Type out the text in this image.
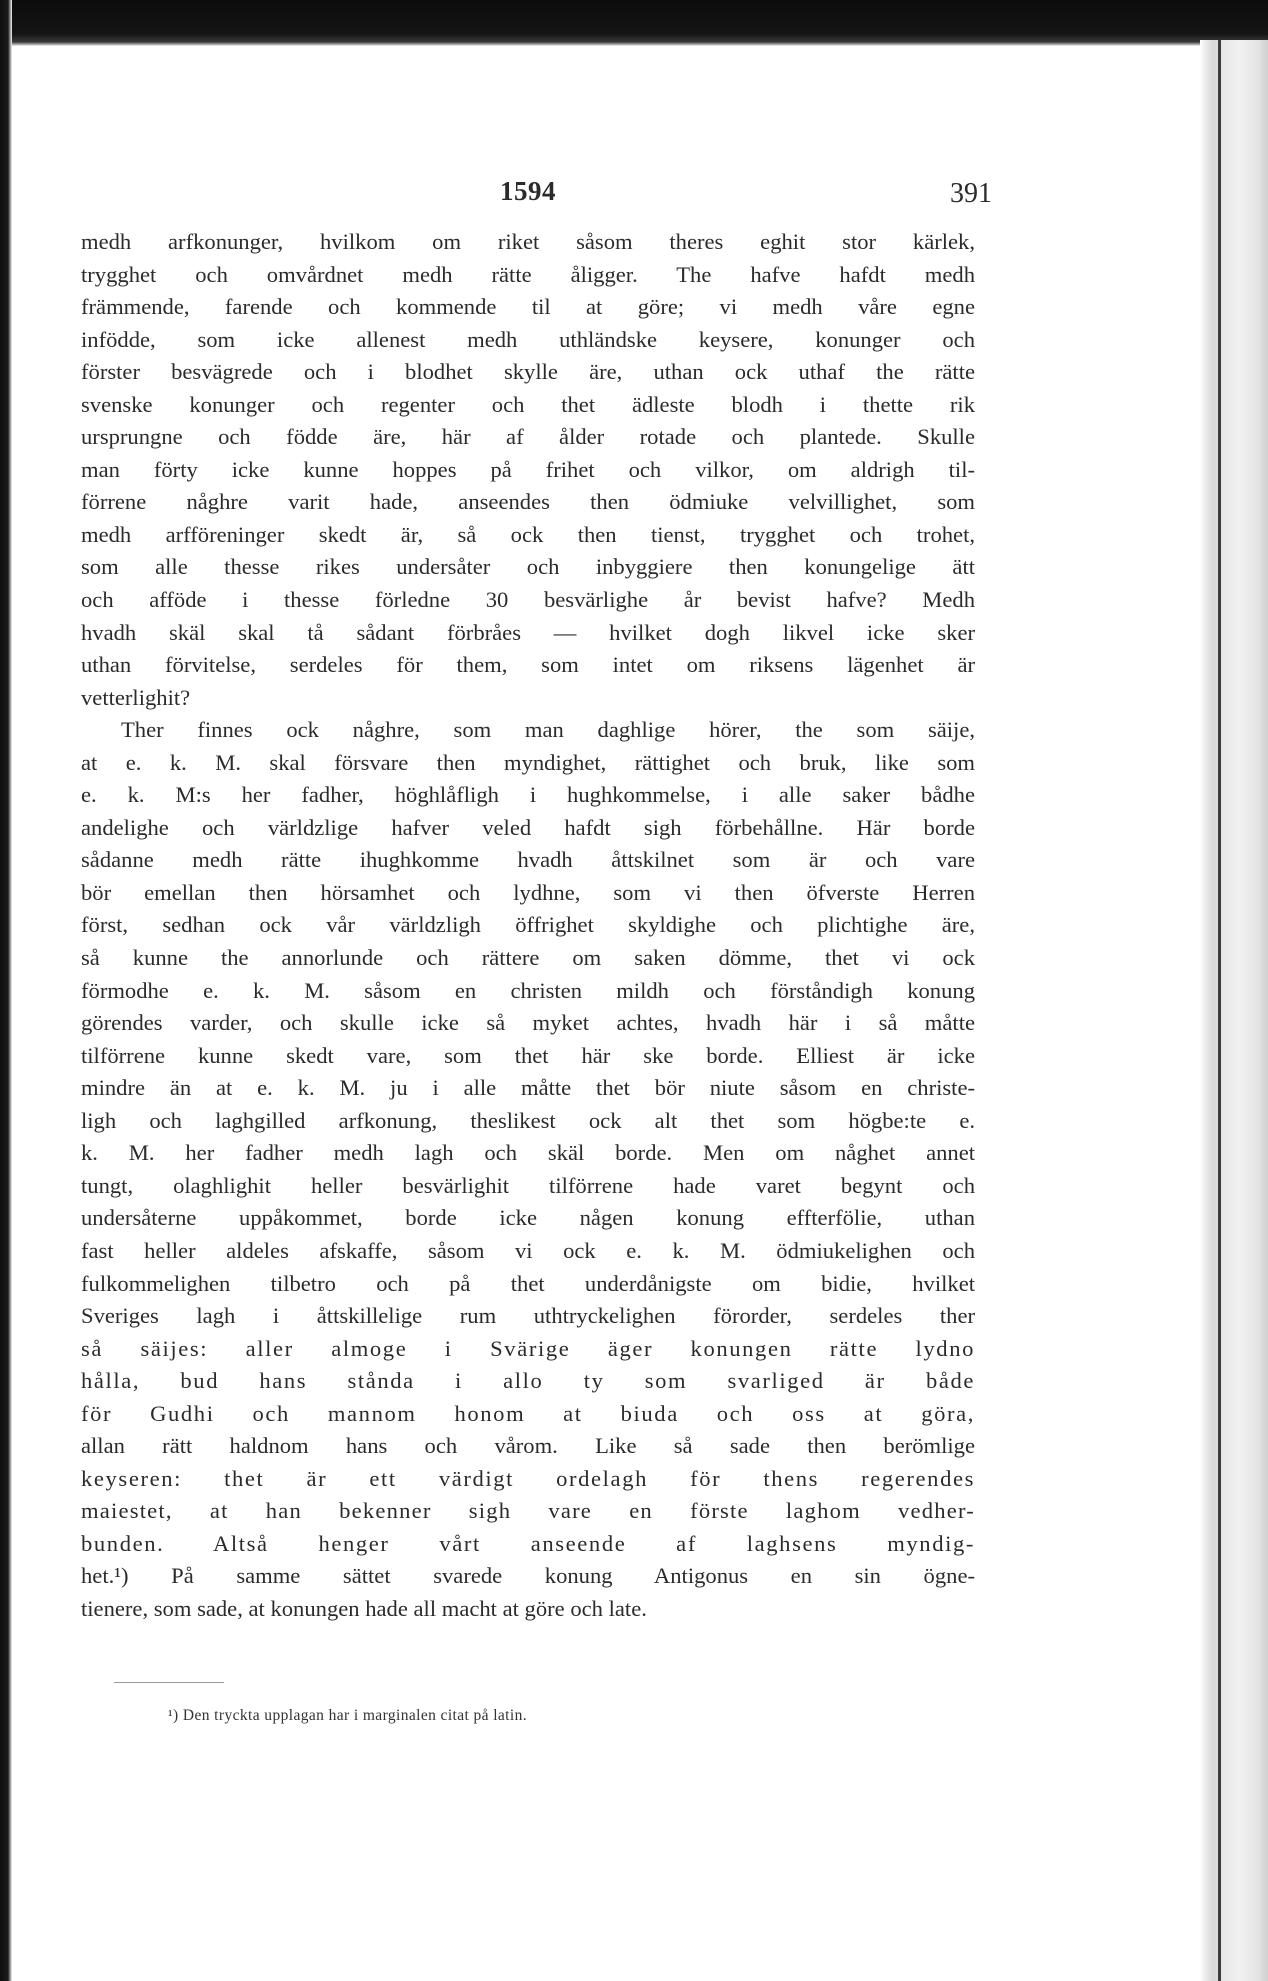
1594	391
medh arfkonunger, hvilkom om riket såsom theres eghit stor kärlek,
trygghet och omvårdnet medh rätte åligger. The hafve hafdt medh
främmende, farende och kommende til at göre; vi medh våre egne
infödde, som icke allenest medh uthländske keysere, konunger och
förster besvägrede och i blodhet skylle äre, uthan ock uthaf the rätte
svenske konunger och regenter och thet ädleste blodh i thette rik
ursprungne och födde äre, här af ålder rotade och plantede. Skulle
man förty icke kunne hoppes på frihet och vilkor, om aldrigh til-
förrene någhre varit hade, anseendes then ödmiuke velvillighet, som
medh arfföreninger skedt är, så ock then tienst, trygghet och trohet,
som alle thesse rikes undersåter och inbyggiere then konungelige ätt
och afföde i thesse förledne 30 besvärlighe år bevist hafve? Medh
hvadh skäl skal tå sådant förbråes — hvilket dogh likvel icke sker
uthan förvitelse, serdeles för them, som intet om riksens lägenhet är
vetterlighit?
Ther finnes ock någhre, som man daghlige hörer, the som säije,
at e. k. M. skal försvare then myndighet, rättighet och bruk, like som
e. k. M:s her fadher, höghlåfligh i hughkommelse, i alle saker bådhe
andelighe och världzlige hafver veled hafdt sigh förbehållne. Här borde
sådanne medh rätte ihughkomme hvadh åttskilnet som är och vare
bör emellan then hörsamhet och lydhne, som vi then öfverste Herren
först, sedhan ock vår världzligh öffrighet skyldighe och plichtighe äre,
så kunne the annorlunde och rättere om saken dömme, thet vi ock
förmodhe e. k. M. såsom en christen mildh och förståndigh konung
görendes varder, och skulle icke så myket achtes, hvadh här i så måtte
tilförrene kunne skedt vare, som thet här ske borde. Elliest är icke
mindre än at e. k. M. ju i alle måtte thet bör niute såsom en christe-
ligh och laghgilled arfkonung, theslikest ock alt thet som högbe:te e.
k. M. her fadher medh lagh och skäl borde. Men om någhet annet
tungt, olaghlighit heller besvärlighit tilförrene hade varet begynt och
undersåterne uppåkommet, borde icke någen konung effterfölie, uthan
fast heller aldeles afskaffe, såsom vi ock e. k. M. ödmiukelighen och
fulkommelighen tilbetro och på thet underdånigste om bidie, hvilket
Sveriges lagh i åttskillelige rum uthtryckelighen förorder, serdeles ther
så säijes: aller almoge i Svärige äger konungen rätte lydno
hålla, bud hans stånda i allo ty som svarliged är både
för Gudhi och mannom honom at biuda och oss at göra,
allan rätt haldnom hans och vårom. Like så sade then berömlige
keyseren: thet är ett värdigt ordelagh för thens regerendes
maiestet, at han bekenner sigh vare en förste laghom vedher-
bunden. Altså henger vårt anseende af laghsens myndig-
het.¹) På samme sättet svarede konung Antigonus en sin ögne-
tienere, som sade, at konungen hade all macht at göre och late.
¹) Den tryckta upplagan har i marginalen citat på latin.
